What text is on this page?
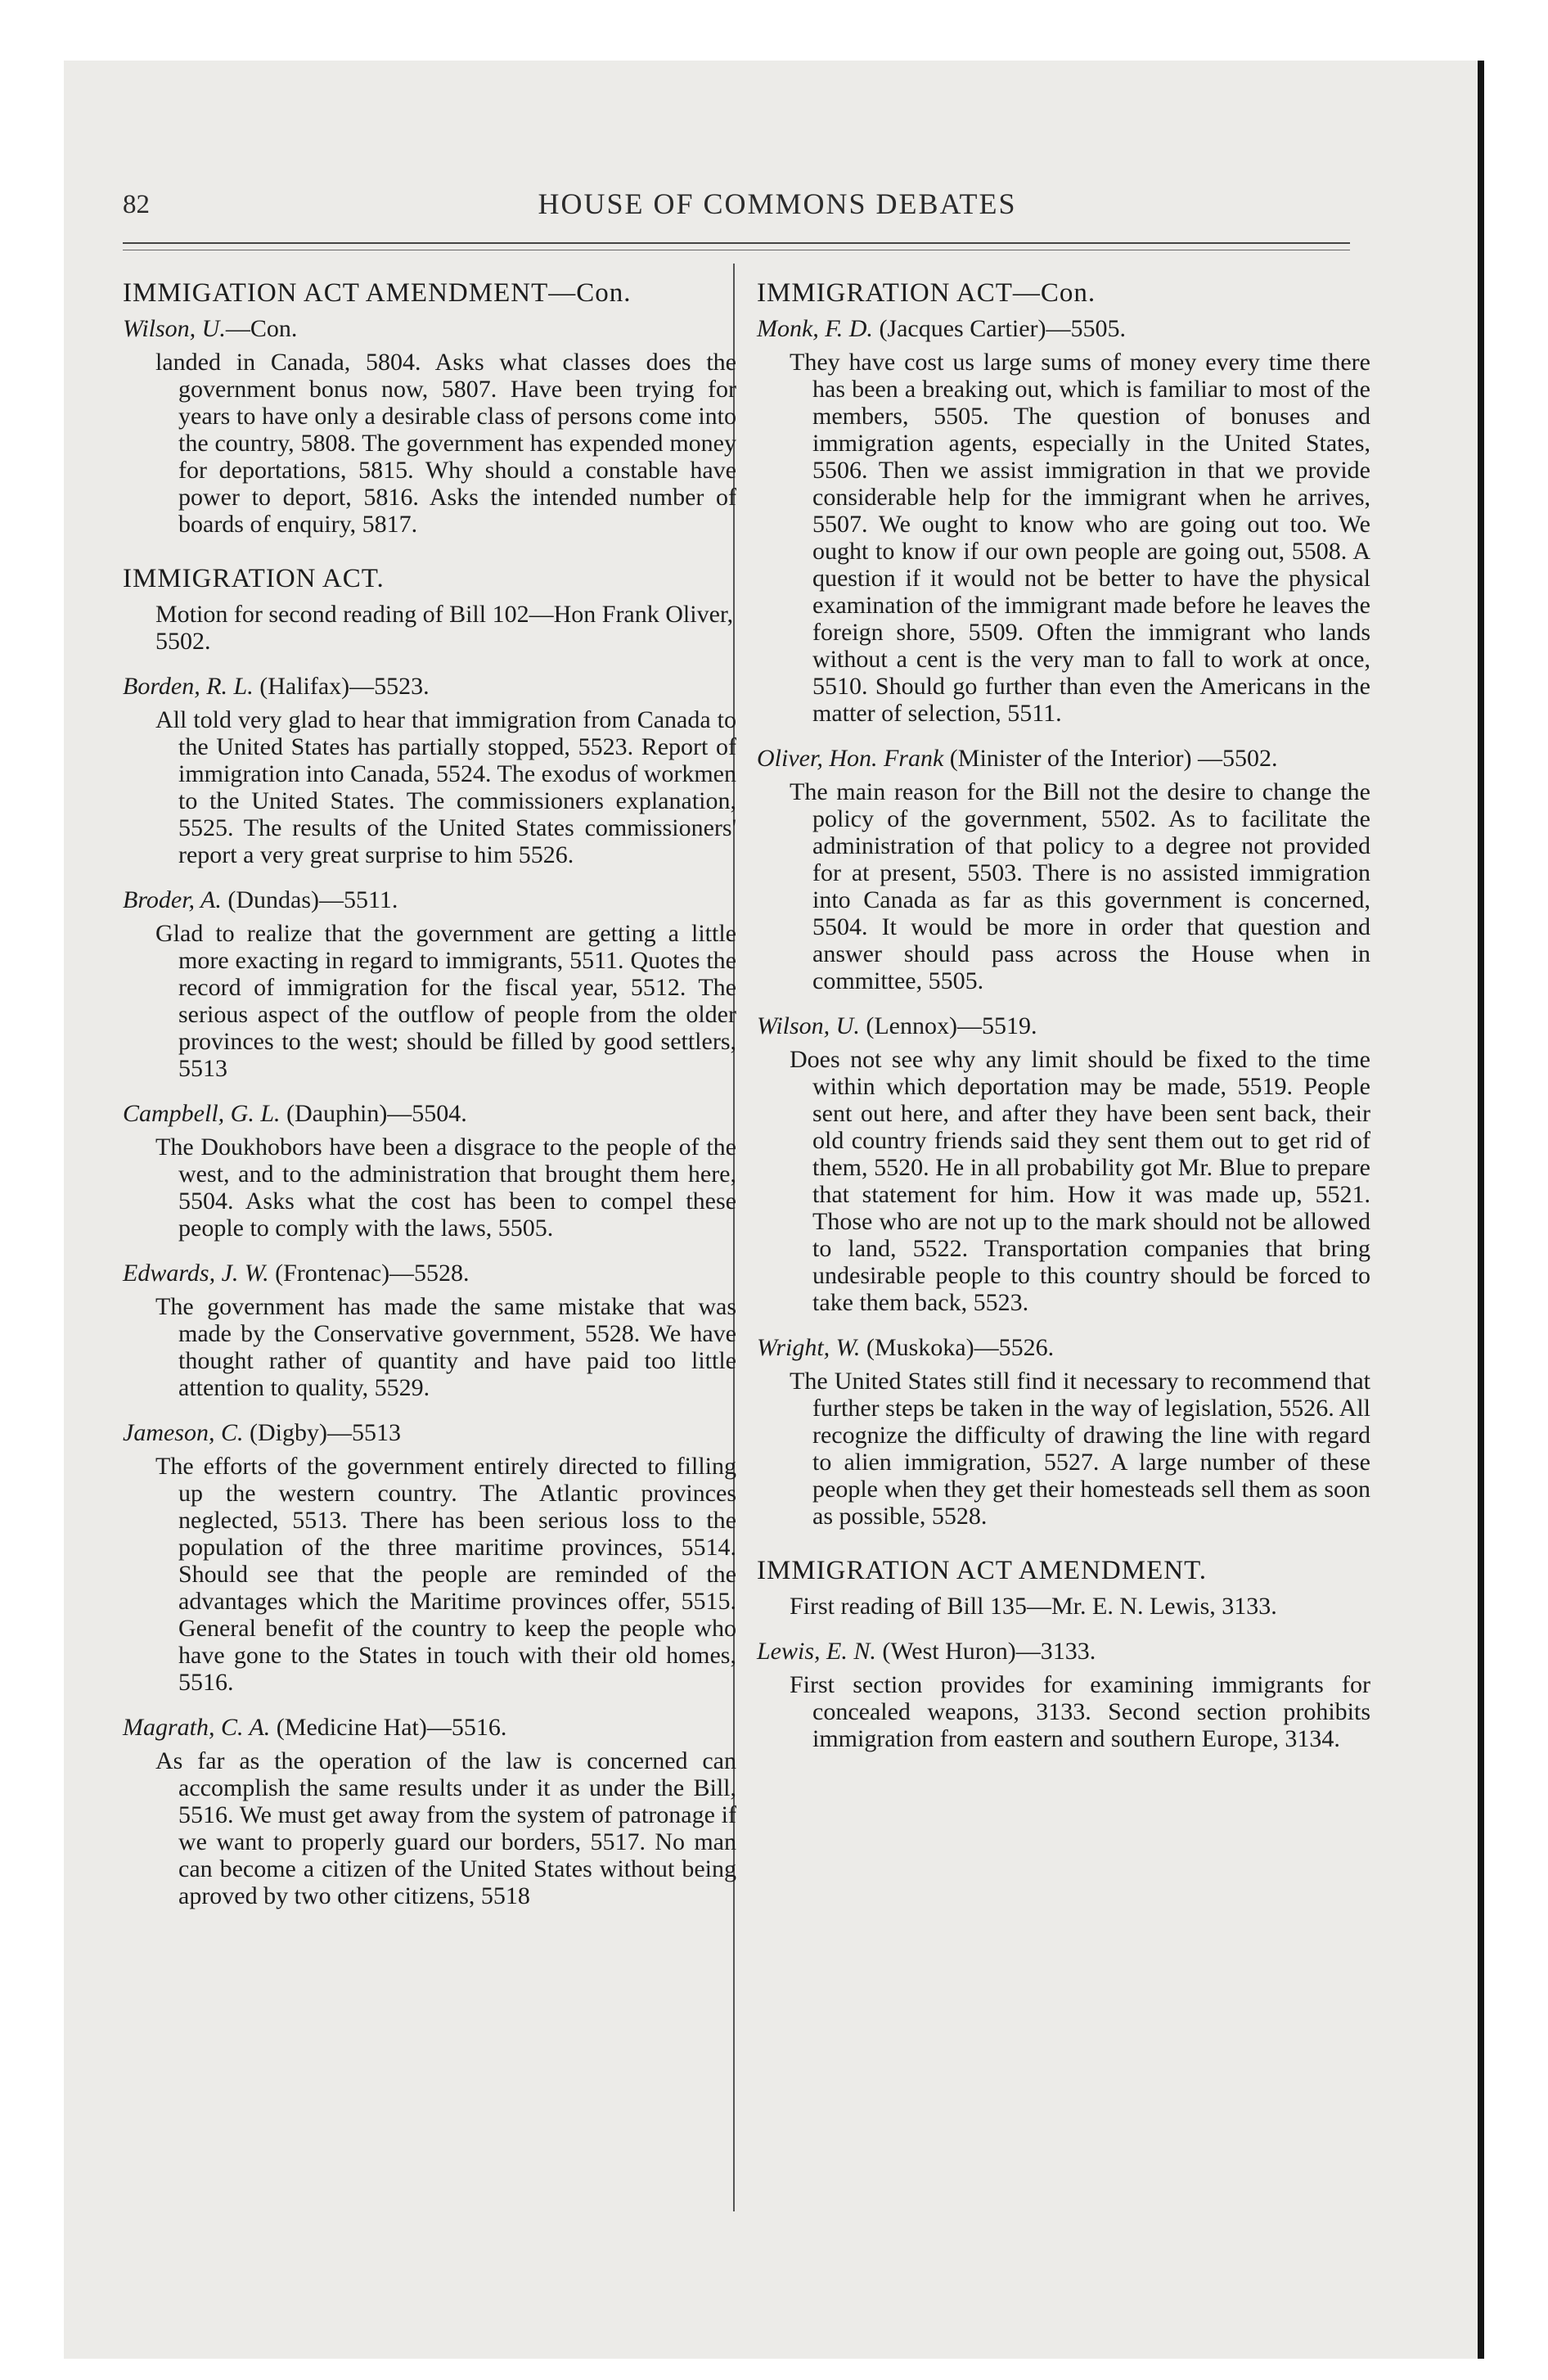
82	HOUSE OF COMMONS DEBATES
IMMIGATION ACT AMENDMENT—Con.
Wilson, U.—Con.
landed in Canada, 5804. Asks what classes does the government bonus now, 5807. Have been trying for years to have only a desirable class of persons come into the country, 5808. The government has expended money for deportations, 5815. Why should a constable have power to deport, 5816. Asks the intended number of boards of enquiry, 5817.
IMMIGRATION ACT.
Motion for second reading of Bill 102—Hon Frank Oliver, 5502.
Borden, R. L. (Halifax)—5523.
All told very glad to hear that immigration from Canada to the United States has partially stopped, 5523. Report of immigration into Canada, 5524. The exodus of workmen to the United States. The commissioners explanation, 5525. The results of the United States commissioners' report a very great surprise to him 5526.
Broder, A. (Dundas)—5511.
Glad to realize that the government are getting a little more exacting in regard to immigrants, 5511. Quotes the record of immigration for the fiscal year, 5512. The serious aspect of the outflow of people from the older provinces to the west; should be filled by good settlers, 5513
Campbell, G. L. (Dauphin)—5504.
The Doukhobors have been a disgrace to the people of the west, and to the administration that brought them here, 5504. Asks what the cost has been to compel these people to comply with the laws, 5505.
Edwards, J. W. (Frontenac)—5528.
The government has made the same mistake that was made by the Conservative government, 5528. We have thought rather of quantity and have paid too little attention to quality, 5529.
Jameson, C. (Digby)—5513
The efforts of the government entirely directed to filling up the western country. The Atlantic provinces neglected, 5513. There has been serious loss to the population of the three maritime provinces, 5514. Should see that the people are reminded of the advantages which the Maritime provinces offer, 5515. General benefit of the country to keep the people who have gone to the States in touch with their old homes, 5516.
Magrath, C. A. (Medicine Hat)—5516.
As far as the operation of the law is concerned can accomplish the same results under it as under the Bill, 5516. We must get away from the system of patronage if we want to properly guard our borders, 5517. No man can become a citizen of the United States without being aproved by two other citizens, 5518
IMMIGRATION ACT—Con.
Monk, F. D. (Jacques Cartier)—5505.
They have cost us large sums of money every time there has been a breaking out, which is familiar to most of the members, 5505. The question of bonuses and immigration agents, especially in the United States, 5506. Then we assist immigration in that we provide considerable help for the immigrant when he arrives, 5507. We ought to know who are going out too. We ought to know if our own people are going out, 5508. A question if it would not be better to have the physical examination of the immigrant made before he leaves the foreign shore, 5509. Often the immigrant who lands without a cent is the very man to fall to work at once, 5510. Should go further than even the Americans in the matter of selection, 5511.
Oliver, Hon. Frank (Minister of the Interior) —5502.
The main reason for the Bill not the desire to change the policy of the government, 5502. As to facilitate the administration of that policy to a degree not provided for at present, 5503. There is no assisted immigration into Canada as far as this government is concerned, 5504. It would be more in order that question and answer should pass across the House when in committee, 5505.
Wilson, U. (Lennox)—5519.
Does not see why any limit should be fixed to the time within which deportation may be made, 5519. People sent out here, and after they have been sent back, their old country friends said they sent them out to get rid of them, 5520. He in all probability got Mr. Blue to prepare that statement for him. How it was made up, 5521. Those who are not up to the mark should not be allowed to land, 5522. Transportation companies that bring undesirable people to this country should be forced to take them back, 5523.
Wright, W. (Muskoka)—5526.
The United States still find it necessary to recommend that further steps be taken in the way of legislation, 5526. All recognize the difficulty of drawing the line with regard to alien immigration, 5527. A large number of these people when they get their homesteads sell them as soon as possible, 5528.
IMMIGRATION ACT AMENDMENT.
First reading of Bill 135—Mr. E. N. Lewis, 3133.
Lewis, E. N. (West Huron)—3133.
First section provides for examining immigrants for concealed weapons, 3133. Second section prohibits immigration from eastern and southern Europe, 3134.
